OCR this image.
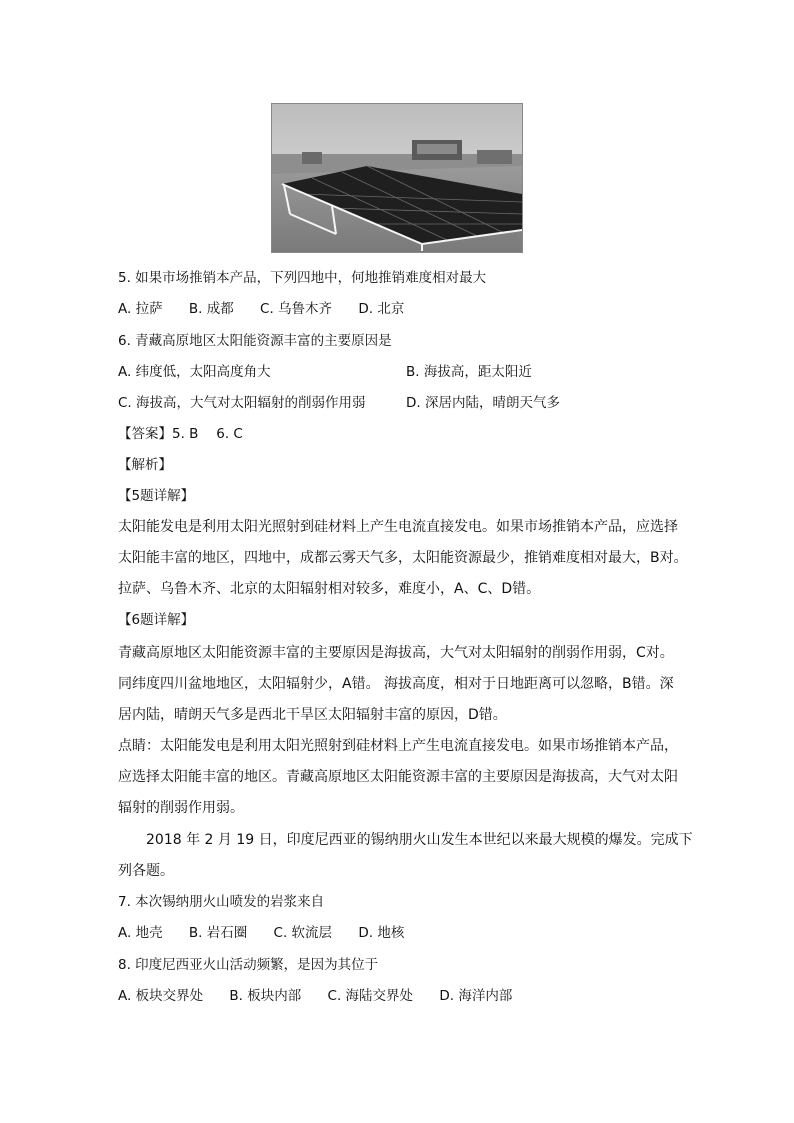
5. 如果市场推销本产品，下列四地中，何地推销难度相对最大
A. 拉萨 B. 成都 C. 乌鲁木齐 D. 北京
6. 青藏高原地区太阳能资源丰富的主要原因是
A. 纬度低，太阳高度角大	B. 海拔高，距太阳近
C. 海拔高，大气对太阳辐射的削弱作用弱	D. 深居内陆，晴朗天气多
【答案】5. B　 6. C
【解析】
【5题详解】
太阳能发电是利用太阳光照射到硅材料上产生电流直接发电。如果市场推销本产品，应选择
太阳能丰富的地区，四地中，成都云雾天气多，太阳能资源最少，推销难度相对最大，B对。
拉萨、乌鲁木齐、北京的太阳辐射相对较多，难度小，A、C、D错。
【6题详解】
青藏高原地区太阳能资源丰富的主要原因是海拔高，大气对太阳辐射的削弱作用弱，C对。
同纬度四川盆地地区，太阳辐射少，A错。 海拔高度，相对于日地距离可以忽略，B错。深
居内陆，晴朗天气多是西北干旱区太阳辐射丰富的原因，D错。
点睛：太阳能发电是利用太阳光照射到硅材料上产生电流直接发电。如果市场推销本产品，
应选择太阳能丰富的地区。青藏高原地区太阳能资源丰富的主要原因是海拔高，大气对太阳
辐射的削弱作用弱。
　　2018 年 2 月 19 日，印度尼西亚的锡纳朋火山发生本世纪以来最大规模的爆发。完成下
列各题。
7. 本次锡纳朋火山喷发的岩浆来自
A. 地壳 B. 岩石圈 C. 软流层 D. 地核
8. 印度尼西亚火山活动频繁，是因为其位于
A. 板块交界处 B. 板块内部 C. 海陆交界处 D. 海洋内部
